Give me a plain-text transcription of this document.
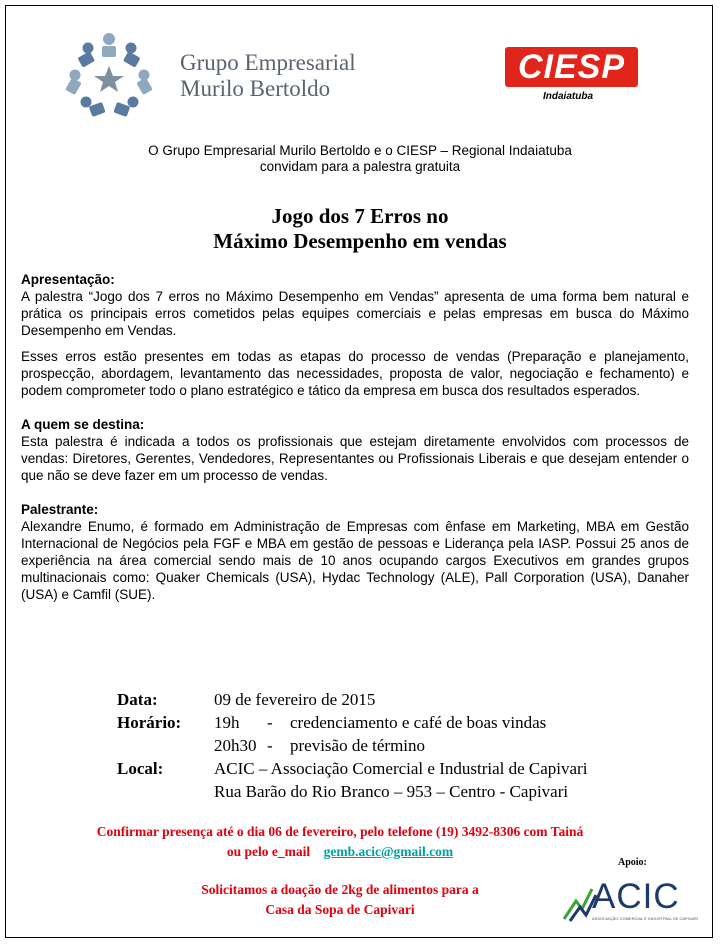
Grupo Empresarial
Murilo Bertoldo
CIESP
Indaiatuba
O Grupo Empresarial Murilo Bertoldo e o CIESP – Regional Indaiatuba
convidam para a palestra gratuita
Jogo dos 7 Erros no
Máximo Desempenho em vendas
Apresentação:

A palestra “Jogo dos 7 erros no Máximo Desempenho em Vendas” apresenta de uma forma bem natural e prática os principais erros cometidos pelas equipes comerciais e pelas empresas em busca do Máximo Desempenho em Vendas.

Esses erros estão presentes em todas as etapas do processo de vendas (Preparação e planejamento, prospecção, abordagem, levantamento das necessidades, proposta de valor, negociação e fechamento) e podem comprometer todo o plano estratégico e tático da empresa em busca dos resultados esperados.

A quem se destina:

Esta palestra é indicada a todos os profissionais que estejam diretamente envolvidos com processos de vendas: Diretores, Gerentes, Vendedores, Representantes ou Profissionais Liberais e que desejam entender o que não se deve fazer em um processo de vendas.

Palestrante:

Alexandre Enumo, é formado em Administração de Empresas com ênfase em Marketing, MBA em Gestão Internacional de Negócios pela FGF e MBA em gestão de pessoas e Liderança pela IASP. Possui 25 anos de experiência na área comercial sendo mais de 10 anos ocupando cargos Executivos em grandes grupos multinacionais como: Quaker Chemicals (USA), Hydac Technology (ALE), Pall Corporation (USA), Danaher (USA) e Camfil (SUE).

Data:	09 de fevereiro de 2015
Horário: 19h - credenciamento e café de boas vindas
20h30 - previsão de término
Local:	ACIC – Associação Comercial e Industrial de Capivari
Rua Barão do Rio Branco – 953 – Centro - Capivari
Confirmar presença até o dia 06 de fevereiro, pelo telefone (19) 3492-8306 com Tainá
ou pelo e_mail gemb.acic@gmail.com
Solicitamos a doação de 2kg de alimentos para a
Casa da Sopa de Capivari
Apoio:
ACIC
ASSOCIAÇÃO COMERCIAL E INDUSTRIAL DE CAPIVARI
